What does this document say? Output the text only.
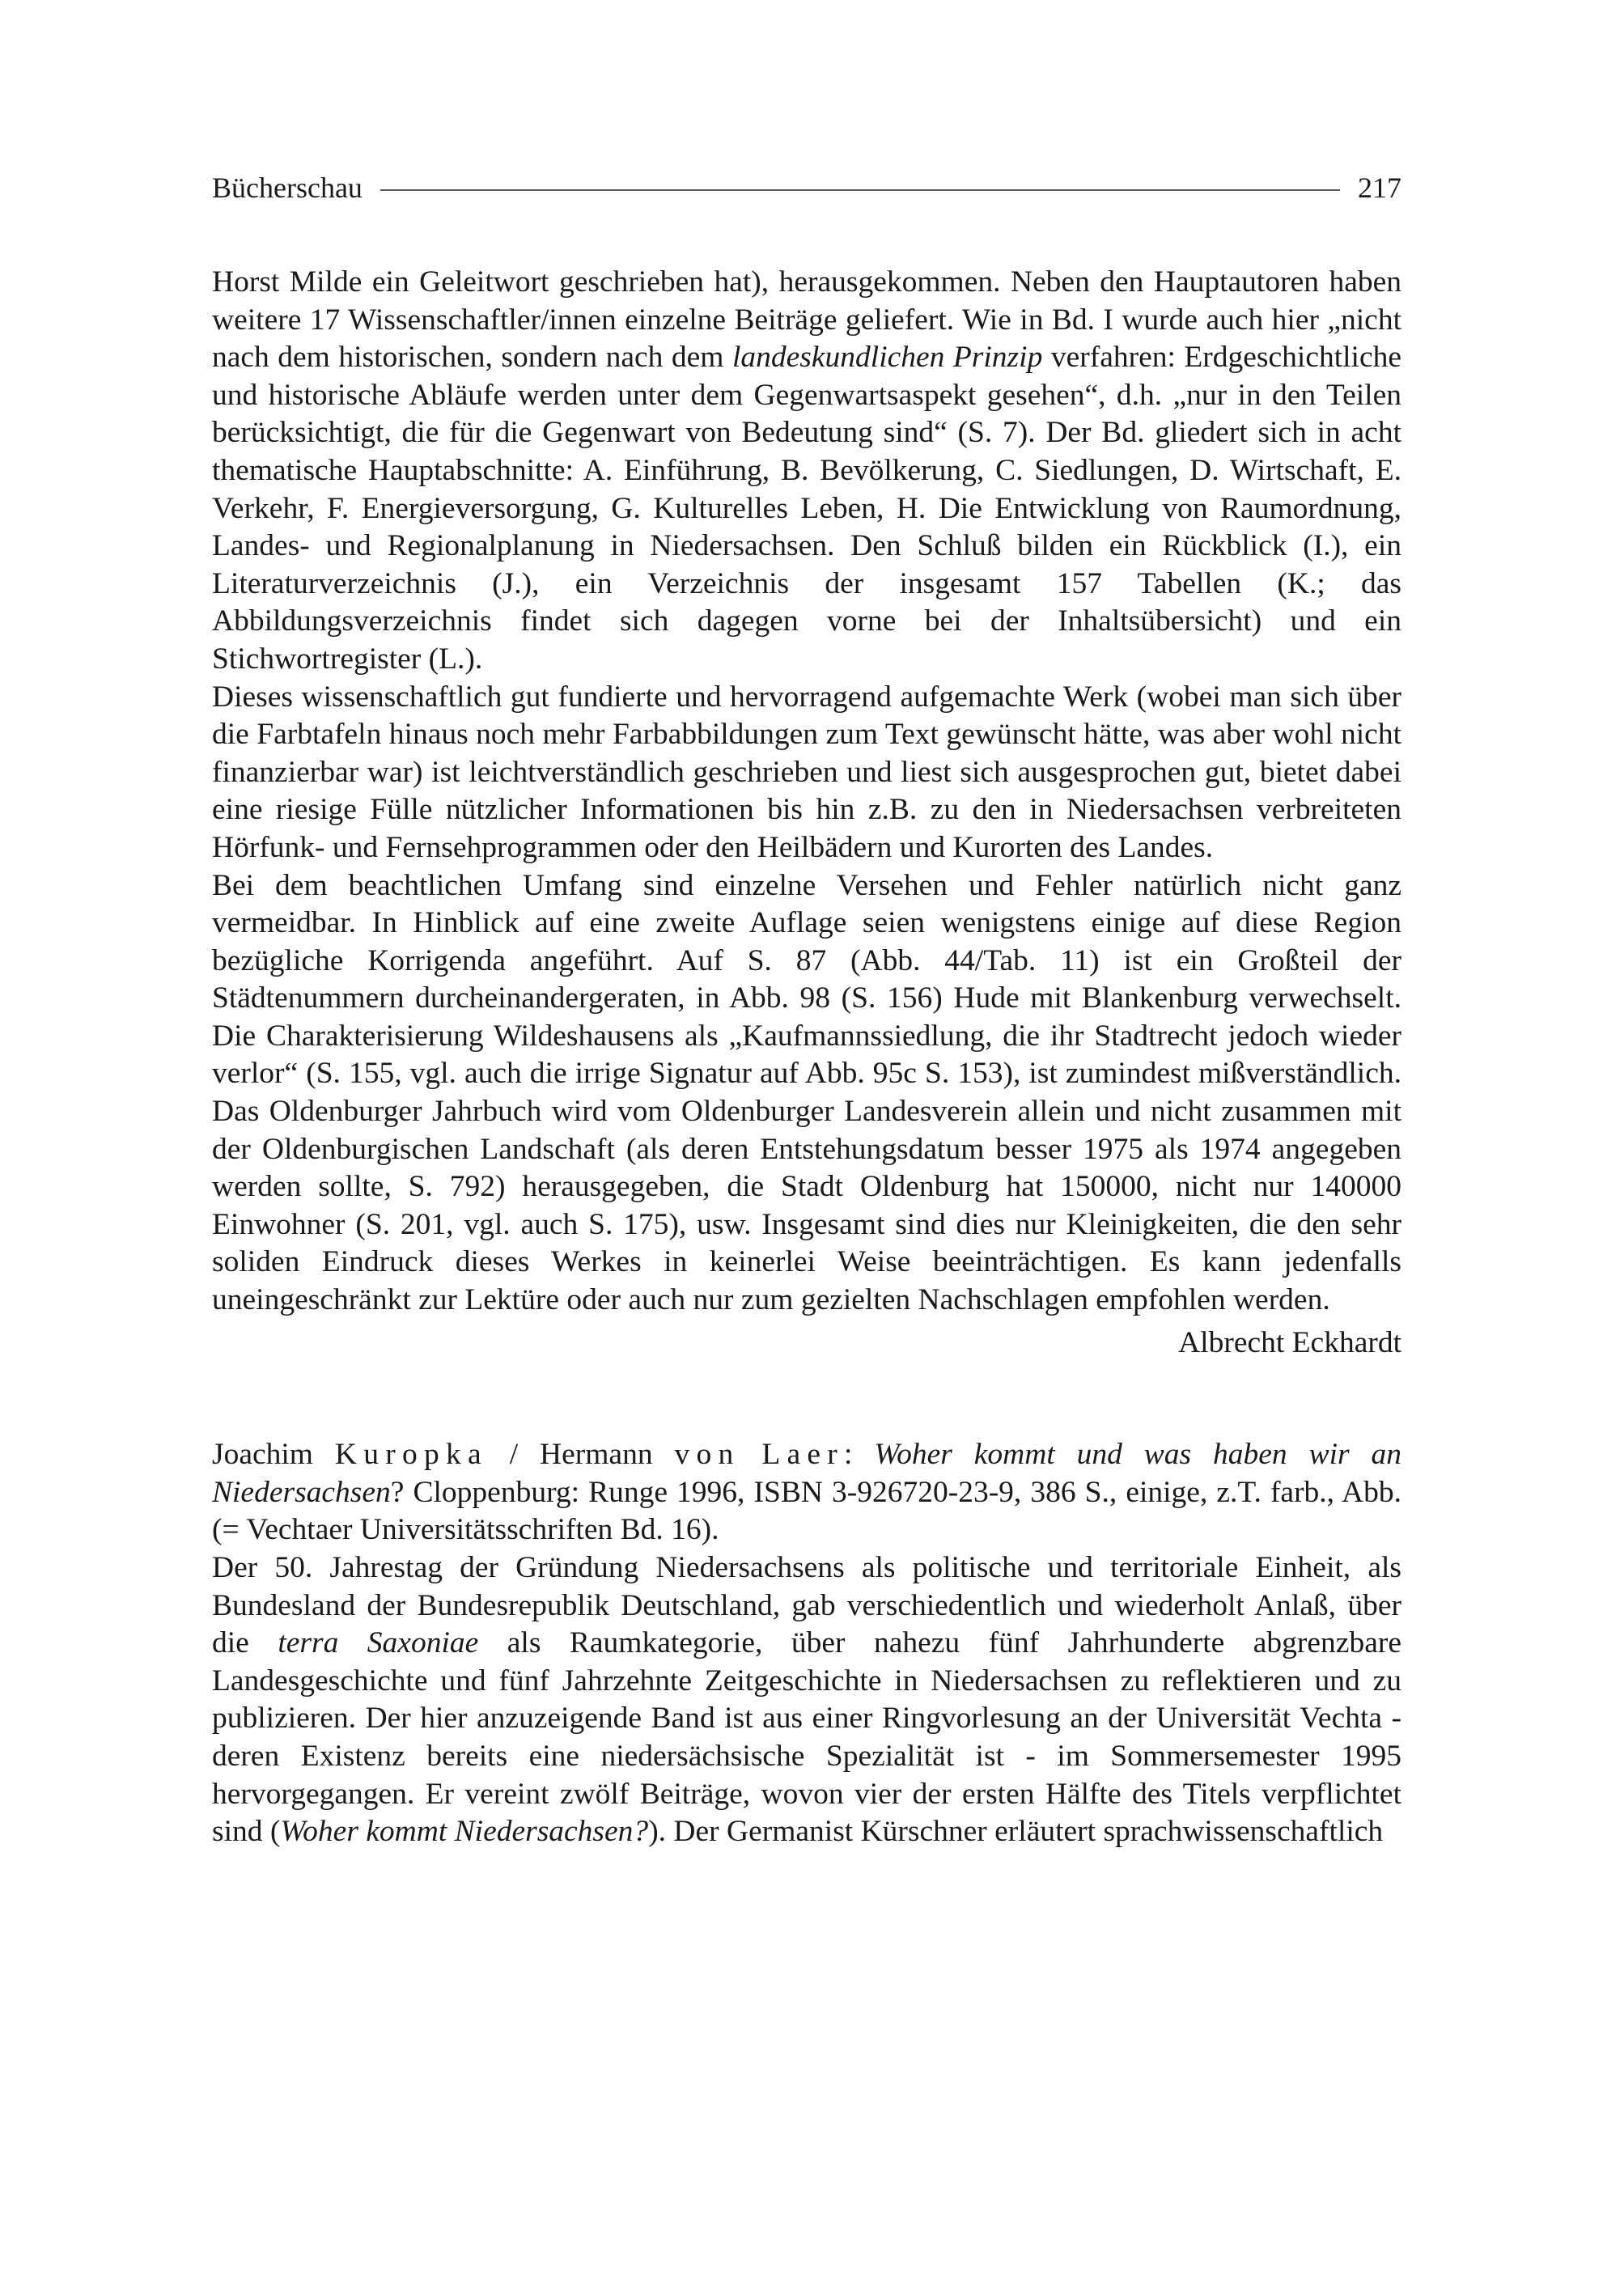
Bücherschau	217

Horst Milde ein Geleitwort geschrieben hat), herausgekommen. Neben den Hauptautoren haben weitere 17 Wissenschaftler/innen einzelne Beiträge geliefert. Wie in Bd. I wurde auch hier „nicht nach dem historischen, sondern nach dem landeskundlichen Prinzip verfahren: Erdgeschichtliche und historische Abläufe werden unter dem Gegenwartsaspekt gesehen“, d.h. „nur in den Teilen berücksichtigt, die für die Gegenwart von Bedeutung sind“ (S. 7). Der Bd. gliedert sich in acht thematische Hauptabschnitte: A. Einführung, B. Bevölkerung, C. Siedlungen, D. Wirtschaft, E. Verkehr, F. Energieversorgung, G. Kulturelles Leben, H. Die Entwicklung von Raumordnung, Landes- und Regionalplanung in Niedersachsen. Den Schluß bilden ein Rückblick (I.), ein Literaturverzeichnis (J.), ein Verzeichnis der insgesamt 157 Tabellen (K.; das Abbildungsverzeichnis findet sich dagegen vorne bei der Inhaltsübersicht) und ein Stichwortregister (L.).

Dieses wissenschaftlich gut fundierte und hervorragend aufgemachte Werk (wobei man sich über die Farbtafeln hinaus noch mehr Farbabbildungen zum Text gewünscht hätte, was aber wohl nicht finanzierbar war) ist leichtverständlich geschrieben und liest sich ausgesprochen gut, bietet dabei eine riesige Fülle nützlicher Informationen bis hin z.B. zu den in Niedersachsen verbreiteten Hörfunk- und Fernsehprogrammen oder den Heilbädern und Kurorten des Landes.

Bei dem beachtlichen Umfang sind einzelne Versehen und Fehler natürlich nicht ganz vermeidbar. In Hinblick auf eine zweite Auflage seien wenigstens einige auf diese Region bezügliche Korrigenda angeführt. Auf S. 87 (Abb. 44/Tab. 11) ist ein Großteil der Städtenummern durcheinandergeraten, in Abb. 98 (S. 156) Hude mit Blankenburg verwechselt. Die Charakterisierung Wildeshausens als „Kaufmannssiedlung, die ihr Stadtrecht jedoch wieder verlor“ (S. 155, vgl. auch die irrige Signatur auf Abb. 95c S. 153), ist zumindest mißverständlich. Das Oldenburger Jahrbuch wird vom Oldenburger Landesverein allein und nicht zusammen mit der Oldenburgischen Landschaft (als deren Entstehungsdatum besser 1975 als 1974 angegeben werden sollte, S. 792) herausgegeben, die Stadt Oldenburg hat 150000, nicht nur 140000 Einwohner (S. 201, vgl. auch S. 175), usw. Insgesamt sind dies nur Kleinigkeiten, die den sehr soliden Eindruck dieses Werkes in keinerlei Weise beeinträchtigen. Es kann jedenfalls uneingeschränkt zur Lektüre oder auch nur zum gezielten Nachschlagen empfohlen werden.

Albrecht Eckhardt

Joachim Kuropka / Hermann von Laer: Woher kommt und was haben wir an Niedersachsen? Cloppenburg: Runge 1996, ISBN 3-926720-23-9, 386 S., einige, z.T. farb., Abb. (= Vechtaer Universitätsschriften Bd. 16).

Der 50. Jahrestag der Gründung Niedersachsens als politische und territoriale Einheit, als Bundesland der Bundesrepublik Deutschland, gab verschiedentlich und wiederholt Anlaß, über die terra Saxoniae als Raumkategorie, über nahezu fünf Jahrhunderte abgrenzbare Landesgeschichte und fünf Jahrzehnte Zeitgeschichte in Niedersachsen zu reflektieren und zu publizieren. Der hier anzuzeigende Band ist aus einer Ringvorlesung an der Universität Vechta - deren Existenz bereits eine niedersächsische Spezialität ist - im Sommersemester 1995 hervorgegangen. Er vereint zwölf Beiträge, wovon vier der ersten Hälfte des Titels verpflichtet sind (Woher kommt Niedersachsen?). Der Germanist Kürschner erläutert sprachwissenschaftlich
